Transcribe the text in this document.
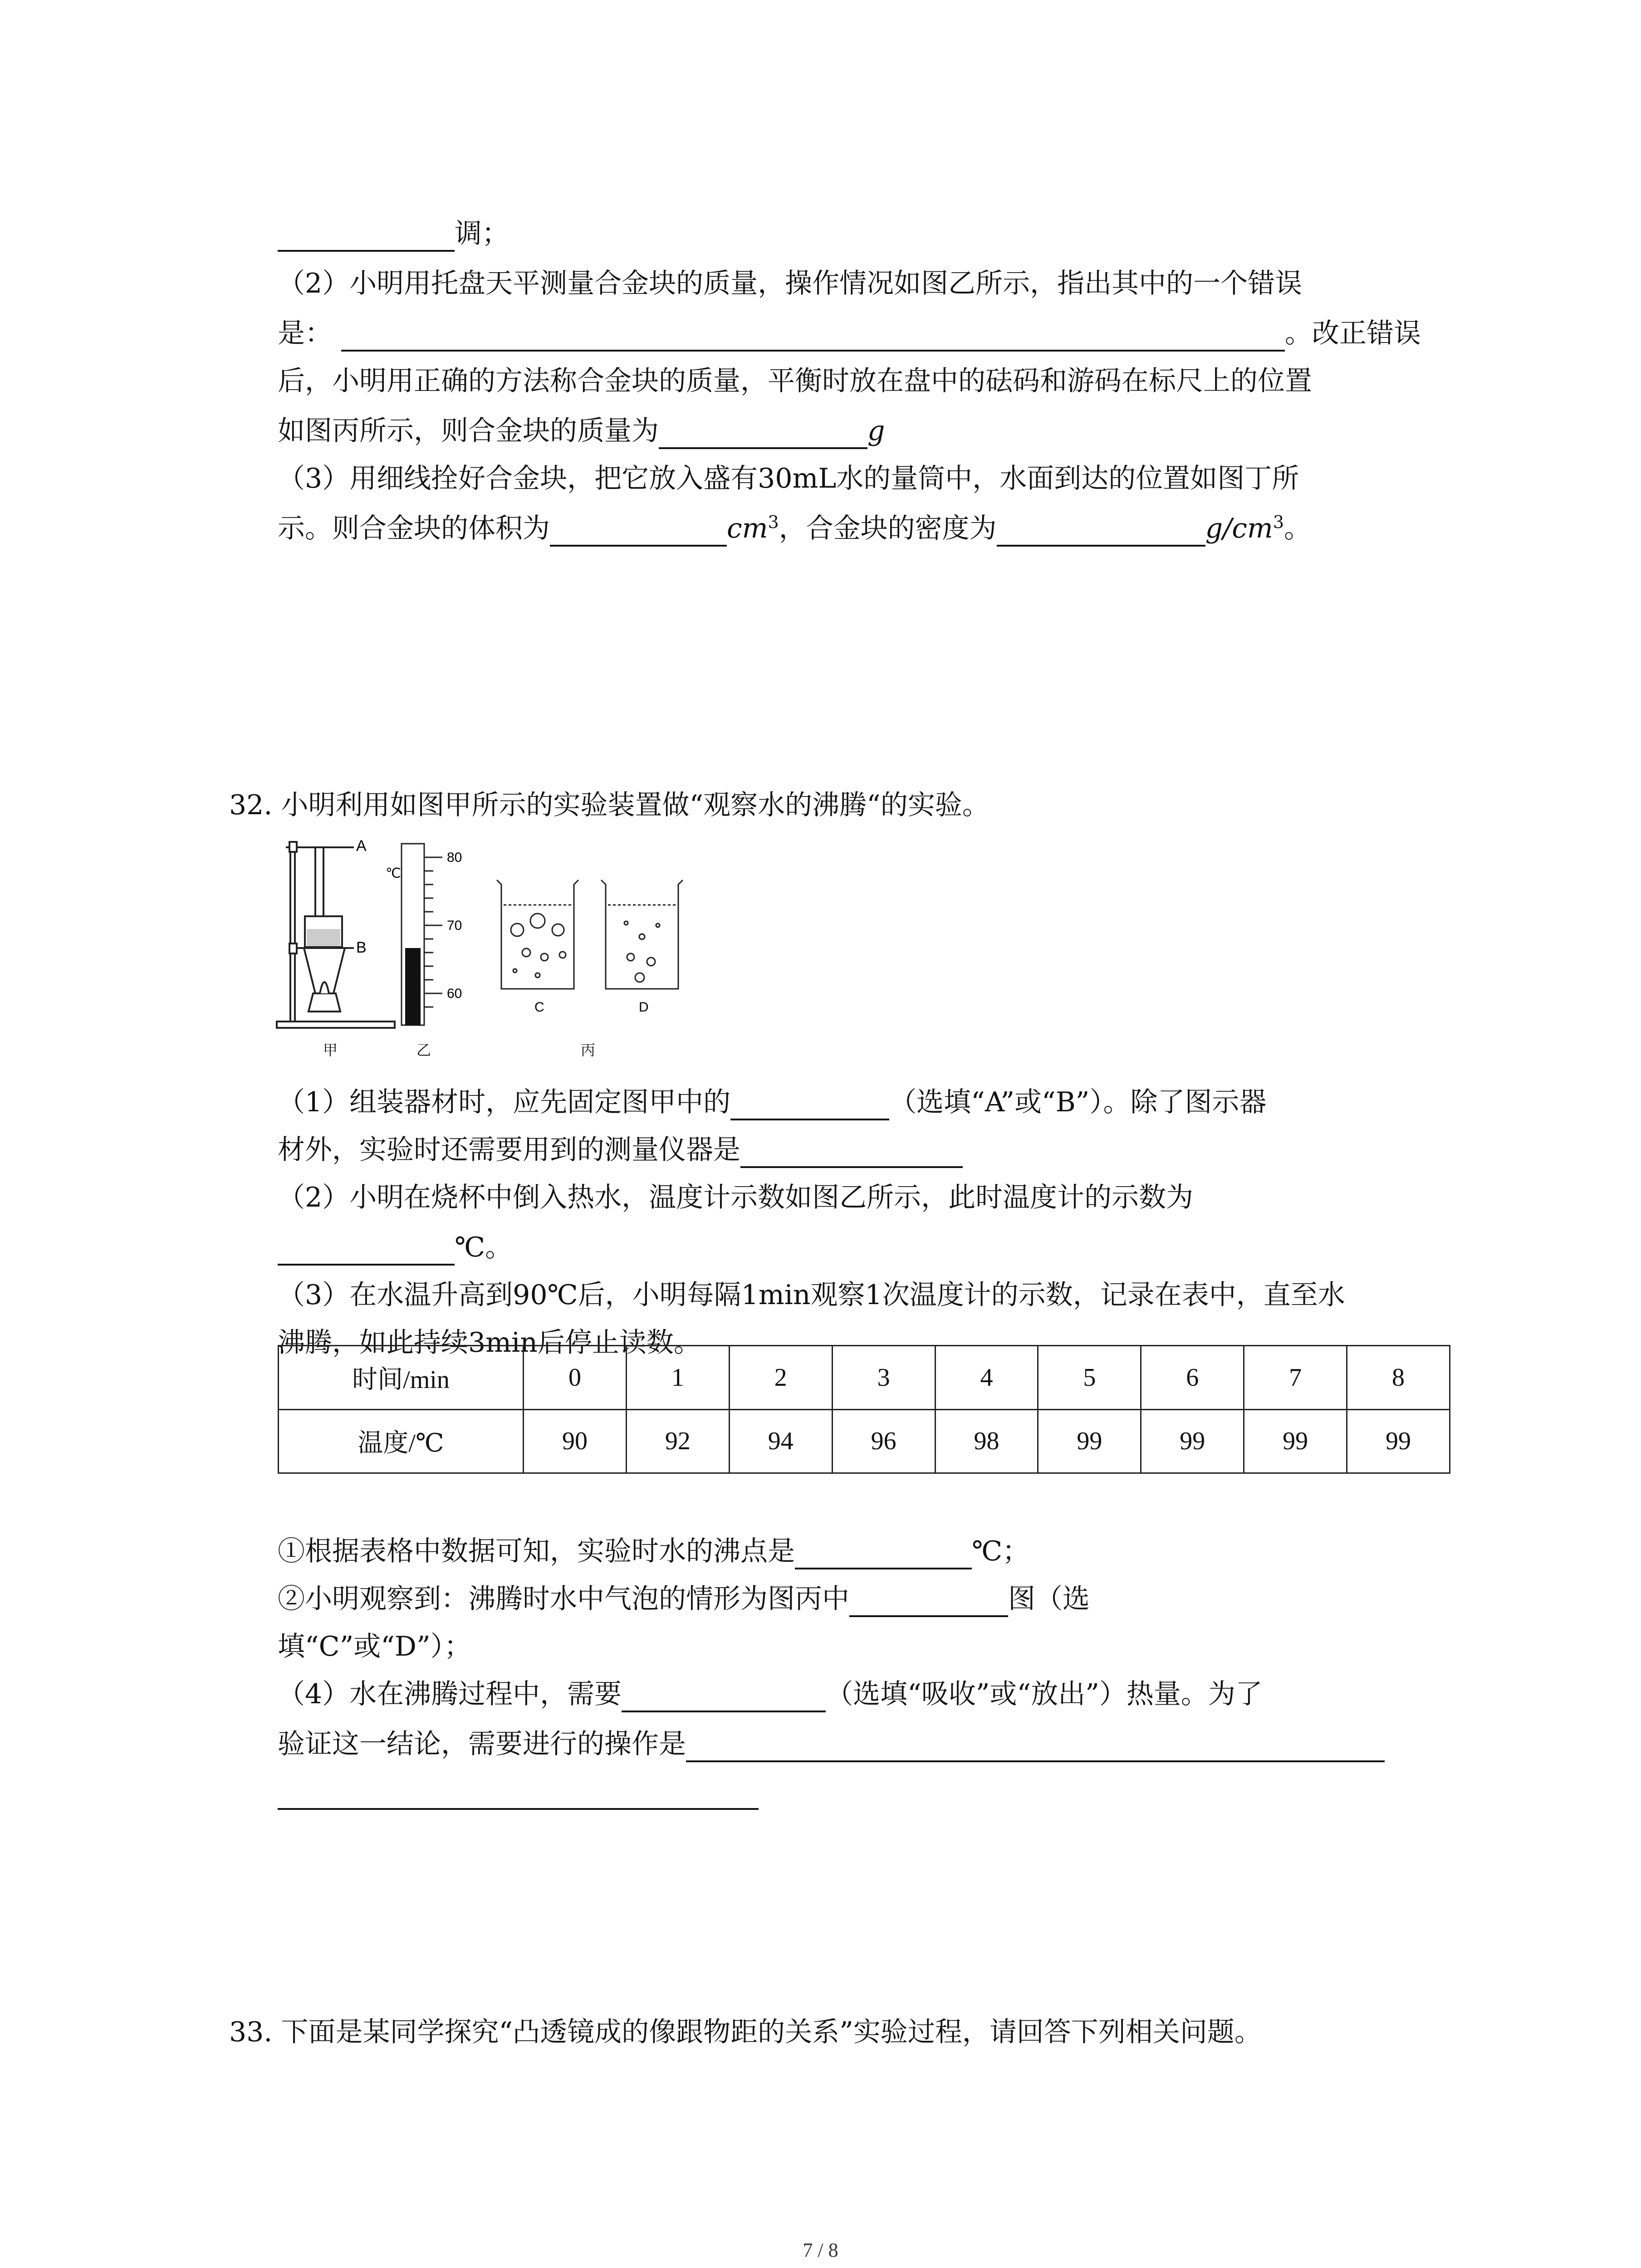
调；
（2）小明用托盘天平测量合金块的质量，操作情况如图乙所示，指出其中的一个错误
是：	。改正错误
后，小明用正确的方法称合金块的质量，平衡时放在盘中的砝码和游码在标尺上的位置
如图丙所示，则合金块的质量为	g
（3）用细线拴好合金块，把它放入盛有30mL水的量筒中，水面到达的位置如图丁所
示。则合金块的体积为	$cm^3$，合金块的密度为	$g/cm^3$。
32. 小明利用如图甲所示的实验装置做“观察水的沸腾“的实验。
A
B
℃
80
70
60
C	D
甲	乙	丙
（1）组装器材时，应先固定图甲中的	（选填“A”或“B”）。除了图示器
材外，实验时还需要用到的测量仪器是
（2）小明在烧杯中倒入热水，温度计示数如图乙所示，此时温度计的示数为
℃。
（3）在水温升高到90℃后，小明每隔1min观察1次温度计的示数，记录在表中，直至水
沸腾，如此持续3min后停止读数。
时间/min	0	1	2	3	4	5	6	7	8
温度/℃	90	92	94	96	98	99	99	99	99
①根据表格中数据可知，实验时水的沸点是	℃；
②小明观察到：沸腾时水中气泡的情形为图丙中	图（选
填“C”或“D”）；
（4）水在沸腾过程中，需要	（选填“吸收”或“放出”）热量。为了
验证这一结论，需要进行的操作是
33. 下面是某同学探究“凸透镜成的像跟物距的关系”实验过程，请回答下列相关问题。
7 / 8
